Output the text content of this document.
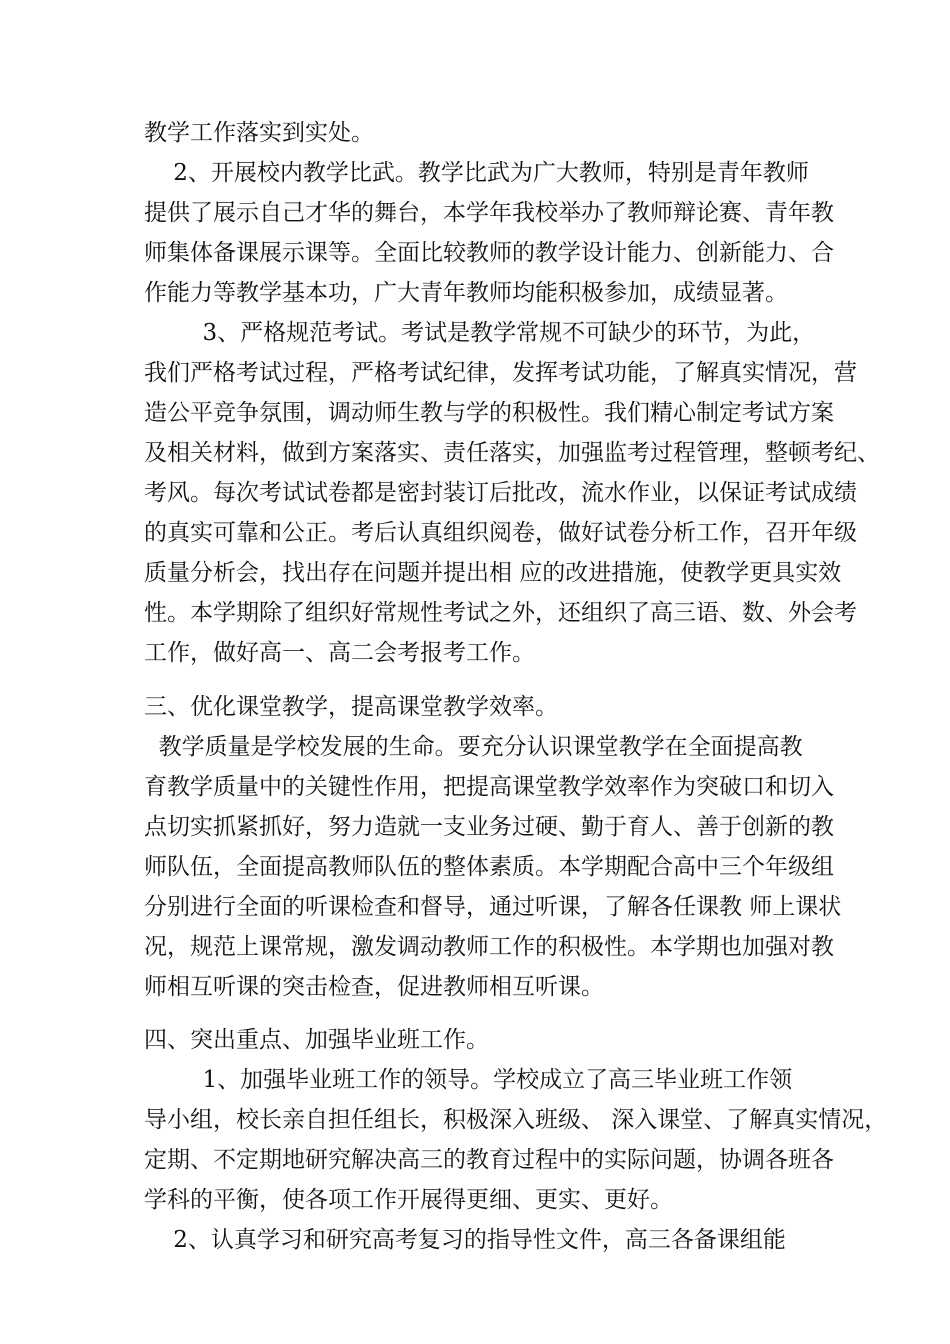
教学工作落实到实处。
2、开展校内教学比武。教学比武为广大教师，特别是青年教师
提供了展示自己才华的舞台，本学年我校举办了教师辩论赛、青年教
师集体备课展示课等。全面比较教师的教学设计能力、创新能力、合
作能力等教学基本功，广大青年教师均能积极参加，成绩显著。
3、严格规范考试。考试是教学常规不可缺少的环节，为此，
我们严格考试过程，严格考试纪律，发挥考试功能，了解真实情况，营
造公平竞争氛围，调动师生教与学的积极性。我们精心制定考试方案
及相关材料，做到方案落实、责任落实，加强监考过程管理，整顿考纪、
考风。每次考试试卷都是密封装订后批改，流水作业，以保证考试成绩
的真实可靠和公正。考后认真组织阅卷，做好试卷分析工作，召开年级
质量分析会，找出存在问题并提出相 应的改进措施，使教学更具实效
性。本学期除了组织好常规性考试之外，还组织了高三语、数、外会考
工作，做好高一、高二会考报考工作。
三、优化课堂教学，提高课堂教学效率。
教学质量是学校发展的生命。要充分认识课堂教学在全面提高教
育教学质量中的关键性作用，把提高课堂教学效率作为突破口和切入
点切实抓紧抓好，努力造就一支业务过硬、勤于育人、善于创新的教
师队伍，全面提高教师队伍的整体素质。本学期配合高中三个年级组
分别进行全面的听课检查和督导，通过听课，了解各任课教 师上课状
况，规范上课常规，激发调动教师工作的积极性。本学期也加强对教
师相互听课的突击检查，促进教师相互听课。
四、突出重点、加强毕业班工作。
1、加强毕业班工作的领导。学校成立了高三毕业班工作领
导小组，校长亲自担任组长，积极深入班级、 深入课堂、了解真实情况，
定期、不定期地研究解决高三的教育过程中的实际问题，协调各班各
学科的平衡，使各项工作开展得更细、更实、更好。
2、认真学习和研究高考复习的指导性文件，高三各备课组能
